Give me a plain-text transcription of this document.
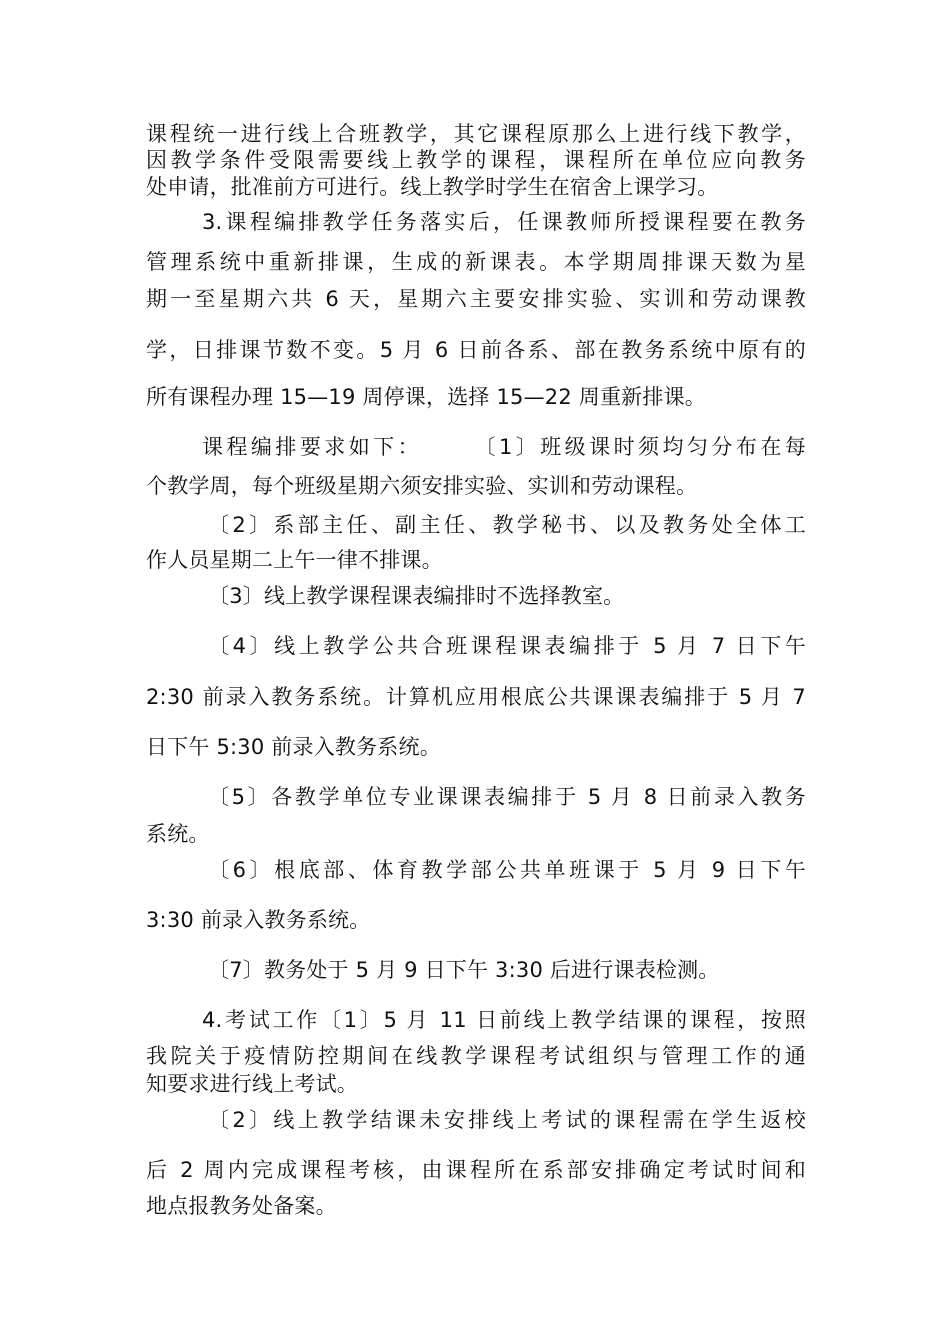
课程统一进行线上合班教学，其它课程原那么上进行线下教学，
因教学条件受限需要线上教学的课程，课程所在单位应向教务
处申请，批准前方可进行。线上教学时学生在宿舍上课学习。
3.课程编排教学任务落实后，任课教师所授课程要在教务
管理系统中重新排课，生成的新课表。本学期周排课天数为星
期一至星期六共 6 天，星期六主要安排实验、实训和劳动课教
学，日排课节数不变。5 月 6 日前各系、部在教务系统中原有的
所有课程办理 15—19 周停课，选择 15—22 周重新排课。
课程编排要求如下：　　　〔1〕班级课时须均匀分布在每
个教学周，每个班级星期六须安排实验、实训和劳动课程。
〔2〕系部主任、副主任、教学秘书、以及教务处全体工
作人员星期二上午一律不排课。
〔3〕线上教学课程课表编排时不选择教室。
〔4〕线上教学公共合班课程课表编排于 5 月 7 日下午
2:30 前录入教务系统。计算机应用根底公共课课表编排于 5 月 7
日下午 5:30 前录入教务系统。
〔5〕各教学单位专业课课表编排于 5 月 8 日前录入教务
系统。
〔6〕根底部、体育教学部公共单班课于 5 月 9 日下午
3:30 前录入教务系统。
〔7〕教务处于 5 月 9 日下午 3:30 后进行课表检测。
4.考试工作〔1〕5 月 11 日前线上教学结课的课程，按照
我院关于疫情防控期间在线教学课程考试组织与管理工作的通
知要求进行线上考试。
〔2〕线上教学结课未安排线上考试的课程需在学生返校
后 2 周内完成课程考核，由课程所在系部安排确定考试时间和
地点报教务处备案。
